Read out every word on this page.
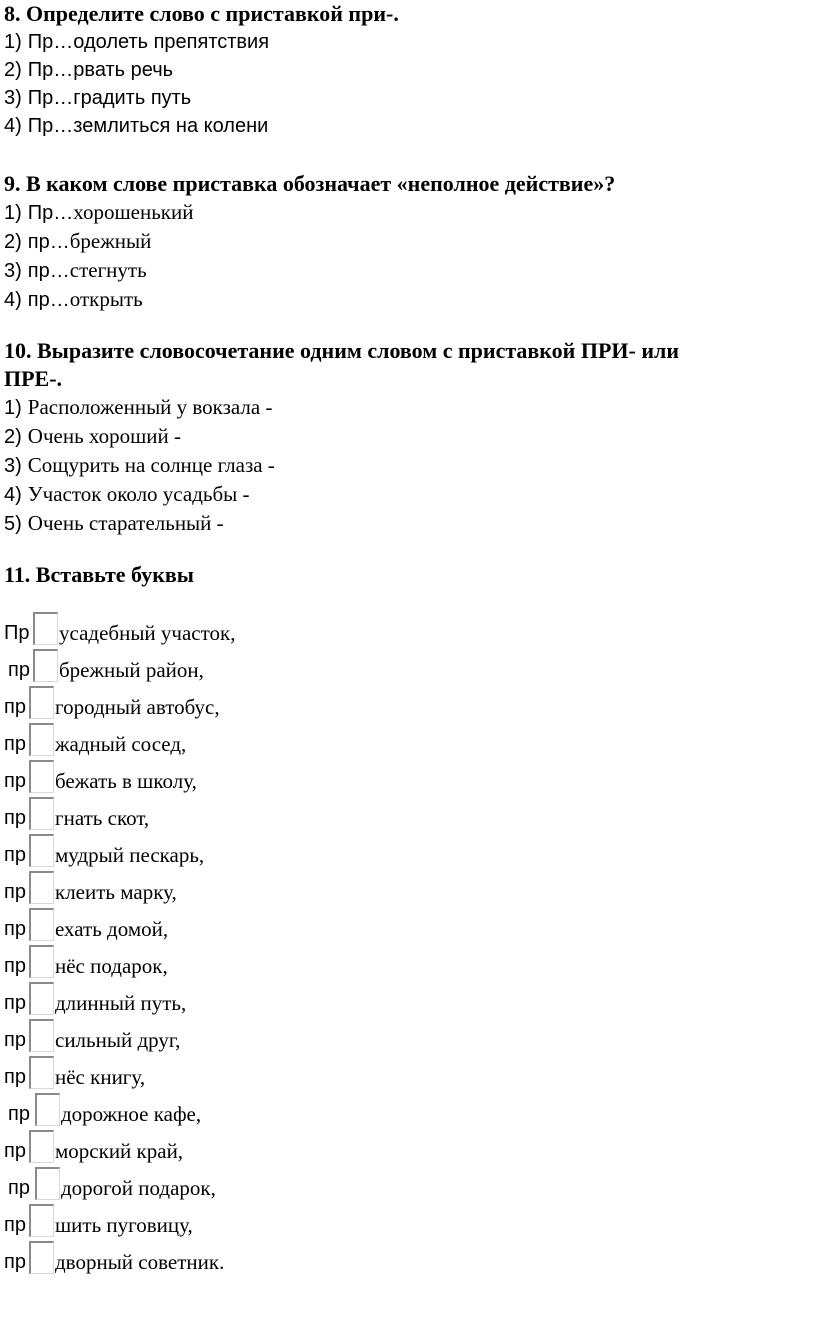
8. Определите слово с приставкой при-.

1) Пр…одолеть препятствия

2) Пр…рвать речь

3) Пр…градить путь

4) Пр…землиться на колени

9. В каком слове приставка обозначает «неполное действие»?

1) Пр…хорошенький

2) пр…брежный

3) пр…стегнуть

4) пр…открыть

10. Выразите словосочетание одним словом с приставкой ПРИ- или

ПРЕ-.

1) Расположенный у вокзала -

2) Очень хороший -

3) Сощурить на солнце глаза -

4) Участок около усадьбы -

5) Очень старательный -

11. Вставьте буквы

Пр усадебный участок,
пр брежный район,
пр городный автобус,
пр жадный сосед,
пр бежать в школу,
пр гнать скот,
пр мудрый пескарь,
пр клеить марку,
пр ехать домой,
пр нёс подарок,
пр длинный путь,
пр сильный друг,
пр нёс книгу,
пр дорожное кафе,
пр морский край,
пр дорогой подарок,
пр шить пуговицу,
пр дворный советник.
